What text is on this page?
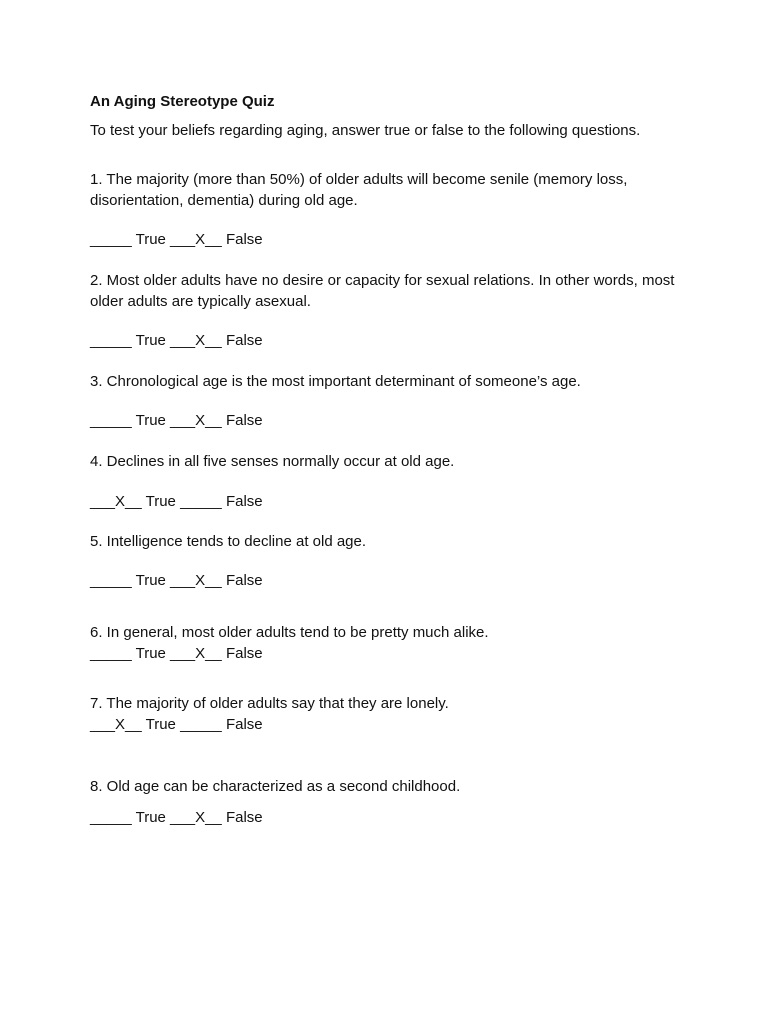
An Aging Stereotype Quiz
To test your beliefs regarding aging, answer true or false to the following questions.
1. The majority (more than 50%) of older adults will become senile (memory loss,
disorientation, dementia) during old age.
_____ True ___X__ False
2. Most older adults have no desire or capacity for sexual relations. In other words, most
older adults are typically asexual.
_____ True ___X__ False
3. Chronological age is the most important determinant of someone’s age.
_____ True ___X__ False
4. Declines in all five senses normally occur at old age.
___X__ True _____ False
5. Intelligence tends to decline at old age.
_____ True ___X__ False
6. In general, most older adults tend to be pretty much alike.
_____ True ___X__ False
7. The majority of older adults say that they are lonely.
___X__ True _____ False
8. Old age can be characterized as a second childhood.
_____ True ___X__ False
